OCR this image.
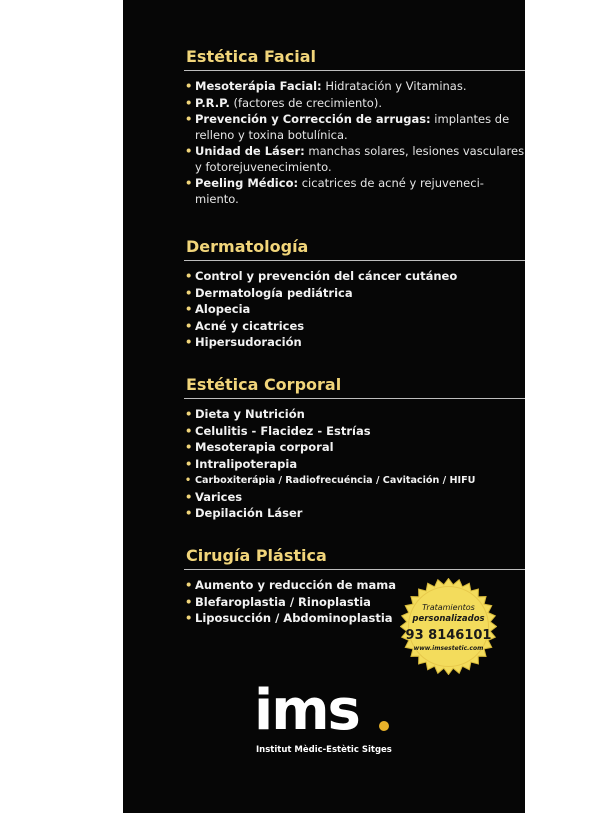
Estética Facial
• Mesoterápia Facial: Hidratación y Vitaminas.
• P.R.P. (factores de crecimiento).
• Prevención y Corrección de arrugas: implantes de relleno y toxina botulínica.
• Unidad de Láser: manchas solares, lesiones vasculares y fotorejuvenecimiento.
• Peeling Médico: cicatrices de acné y rejuveneci-miento.
Dermatología
• Control y prevención del cáncer cutáneo
• Dermatología pediátrica
• Alopecia
• Acné y cicatrices
• Hipersudoración
Estética Corporal
• Dieta y Nutrición
• Celulitis - Flacidez - Estrías
• Mesoterapia corporal
• Intralipoterapia
• Carboxiterápia / Radiofrecuéncia / Cavitación / HIFU
• Varices
• Depilación Láser
Cirugía Plástica
• Aumento y reducción de mama
• Blefaroplastia / Rinoplastia
• Liposucción / Abdominoplastia
Tratamientos
personalizados
93 8146101
www.imsestetic.com
ims
Institut Mèdic-Estètic Sitges
